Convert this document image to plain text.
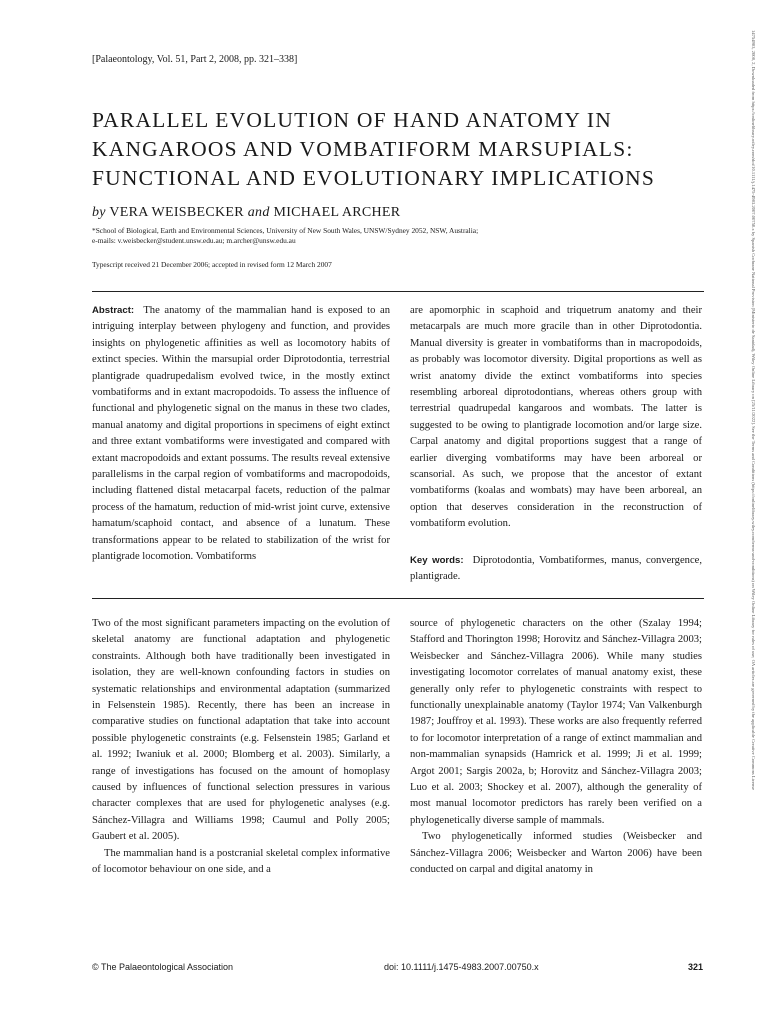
[Palaeontology, Vol. 51, Part 2, 2008, pp. 321–338]
PARALLEL EVOLUTION OF HAND ANATOMY IN
KANGAROOS AND VOMBATIFORM MARSUPIALS:
FUNCTIONAL AND EVOLUTIONARY IMPLICATIONS
by VERA WEISBECKER and MICHAEL ARCHER
*School of Biological, Earth and Environmental Sciences, University of New South Wales, UNSW/Sydney 2052, NSW, Australia;
e-mails: v.weisbecker@student.unsw.edu.au; m.archer@unsw.edu.au
Typescript received 21 December 2006; accepted in revised form 12 March 2007

Abstract: The anatomy of the mammalian hand is exposed to an intriguing interplay between phylogeny and function, and provides insights on phylogenetic affinities as well as locomotory habits of extinct species. Within the marsupial order Diprotodontia, terrestrial plantigrade quadrupedalism evolved twice, in the mostly extinct vombatiforms and in extant macropodoids. To assess the influence of functional and phylogenetic signal on the manus in these two clades, manual anatomy and digital proportions in specimens of eight extinct and three extant vombatiforms were investigated and compared with extant macropodoids and extant possums. The results reveal extensive parallelisms in the carpal region of vombatiforms and macropodoids, including flattened distal metacarpal facets, reduction of the palmar process of the hamatum, reduction of mid-wrist joint curve, extensive hamatum/scaphoid contact, and absence of a lunatum. These transformations appear to be related to stabilization of the wrist for plantigrade locomotion. Vombatiforms

are apomorphic in scaphoid and triquetrum anatomy and their metacarpals are much more gracile than in other Diprotodontia. Manual diversity is greater in vombatiforms than in macropodoids, as probably was locomotor diversity. Digital proportions as well as wrist anatomy divide the extinct vombatiforms into species resembling arboreal diprotodontians, whereas others group with terrestrial quadrupedal kangaroos and wombats. The latter is suggested to be owing to plantigrade locomotion and/or large size. Carpal anatomy and digital proportions suggest that a range of earlier diverging vombatiforms may have been arboreal or scansorial. As such, we propose that the ancestor of extant vombatiforms (koalas and wombats) may have been arboreal, an option that deserves consideration in the reconstruction of vombatiform evolution.

Key words: Diprotodontia, Vombatiformes, manus, convergence, plantigrade.

Two of the most significant parameters impacting on the evolution of skeletal anatomy are functional adaptation and phylogenetic constraints. Although both have traditionally been investigated in isolation, they are well-known confounding factors in studies on systematic relationships and environmental adaptation (summarized in Felsenstein 1985). Recently, there has been an increase in comparative studies on functional adaptation that take into account possible phylogenetic constraints (e.g. Felsenstein 1985; Garland et al. 1992; Iwaniuk et al. 2000; Blomberg et al. 2003). Similarly, a range of investigations has focused on the amount of homoplasy caused by influences of functional selection pressures in various character complexes that are used for phylogenetic analyses (e.g. Sánchez-Villagra and Williams 1998; Caumul and Polly 2005; Gaubert et al. 2005).

The mammalian hand is a postcranial skeletal complex informative of locomotor behaviour on one side, and a

source of phylogenetic characters on the other (Szalay 1994; Stafford and Thorington 1998; Horovitz and Sánchez-Villagra 2003; Weisbecker and Sánchez-Villagra 2006). While many studies investigating locomotor correlates of manual anatomy exist, these generally only refer to phylogenetic constraints with respect to functionally unexplainable anatomy (Taylor 1974; Van Valkenburgh 1987; Jouffroy et al. 1993). These works are also frequently referred to for locomotor interpretation of a range of extinct mammalian and non-mammalian synapsids (Hamrick et al. 1999; Ji et al. 1999; Argot 2001; Sargis 2002a, b; Horovitz and Sánchez-Villagra 2003; Luo et al. 2003; Shockey et al. 2007), although the generality of most manual locomotor predictors has rarely been verified on a phylogenetically diverse sample of mammals.

Two phylogenetically informed studies (Weisbecker and Sánchez-Villagra 2006; Weisbecker and Warton 2006) have been conducted on carpal and digital anatomy in

© The Palaeontological Association	doi: 10.1111/j.1475-4983.2007.00750.x	321
14754983, 2008, 2, Downloaded from https://onlinelibrary.wiley.com/doi/10.1111/j.1475-4983.2007.00750.x by Spanish Cochrane National Provision (Ministerio de Sanidad), Wiley Online Library on [25/11/2022]. See the Terms and Conditions (https://onlinelibrary.wiley.com/terms-and-conditions) on Wiley Online Library for rules of use; OA articles are governed by the applicable Creative Commons License
